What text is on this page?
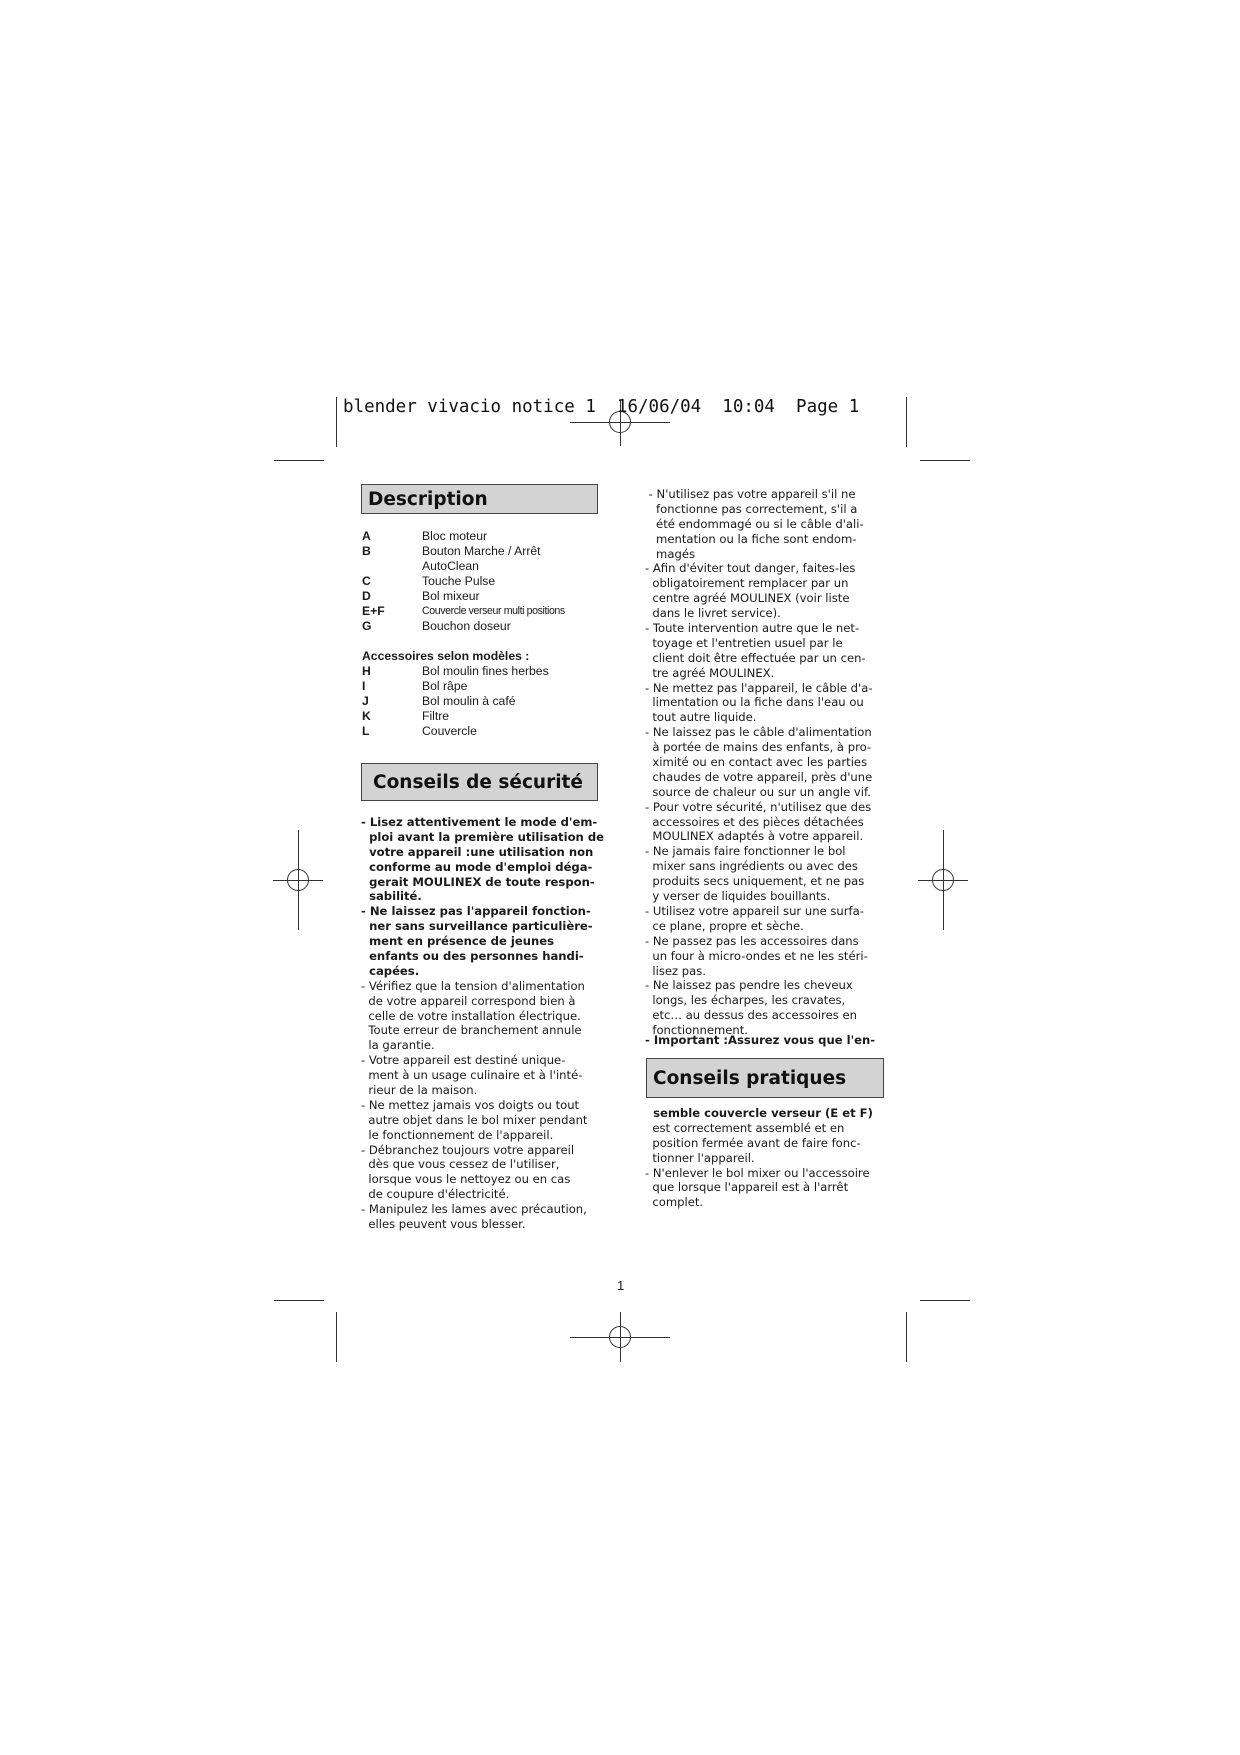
blender vivacio notice 1  16/06/04  10:04  Page 1
Description
A	Bloc moteur
B	Bouton Marche / Arrêt
AutoClean
C	Touche Pulse
D	Bol mixeur
E+F	Couvercle verseur multi positions
G	Bouchon doseur
Accessoires selon modèles :
H	Bol moulin fines herbes
I	Bol râpe
J	Bol moulin à café
K	Filtre
L	Couvercle
Conseils de sécurité
- Lisez attentivement le mode d'em-
ploi avant la première utilisation de
votre appareil :une utilisation non
conforme au mode d'emploi déga-
gerait MOULINEX de toute respon-
sabilité.
- Ne laissez pas l'appareil fonction-
ner sans surveillance particulière-
ment en présence de jeunes
enfants ou des personnes handi-
capées.
- Vérifiez que la tension d'alimentation
de votre appareil correspond bien à
celle de votre installation électrique.
Toute erreur de branchement annule
la garantie.
- Votre appareil est destiné unique-
ment à un usage culinaire et à l'inté-
rieur de la maison.
- Ne mettez jamais vos doigts ou tout
autre objet dans le bol mixer pendant
le fonctionnement de l'appareil.
- Débranchez toujours votre appareil
dès que vous cessez de l'utiliser,
lorsque vous le nettoyez ou en cas
de coupure d'électricité.
- Manipulez les lames avec précaution,
elles peuvent vous blesser.
- N'utilisez pas votre appareil s'il ne
fonctionne pas correctement, s'il a
été endommagé ou si le câble d'ali-
mentation ou la fiche sont endom-
magés
- Afin d'éviter tout danger, faites-les
obligatoirement remplacer par un
centre agréé MOULINEX (voir liste
dans le livret service).
- Toute intervention autre que le net-
toyage et l'entretien usuel par le
client doit être effectuée par un cen-
tre agréé MOULINEX.
- Ne mettez pas l'appareil, le câble d'a-
limentation ou la fiche dans l'eau ou
tout autre liquide.
- Ne laissez pas le câble d'alimentation
à portée de mains des enfants, à pro-
ximité ou en contact avec les parties
chaudes de votre appareil, près d'une
source de chaleur ou sur un angle vif.
- Pour votre sécurité, n'utilisez que des
accessoires et des pièces détachées
MOULINEX adaptés à votre appareil.
- Ne jamais faire fonctionner le bol
mixer sans ingrédients ou avec des
produits secs uniquement, et ne pas
y verser de liquides bouillants.
- Utilisez votre appareil sur une surfa-
ce plane, propre et sèche.
- Ne passez pas les accessoires dans
un four à micro-ondes et ne les stéri-
lisez pas.
- Ne laissez pas pendre les cheveux
longs, les écharpes, les cravates,
etc… au dessus des accessoires en
fonctionnement.
- Important :Assurez vous que l'en-
Conseils pratiques
semble couvercle verseur (E et F)
est correctement assemblé et en
position fermée avant de faire fonc-
tionner l'appareil.
- N'enlever le bol mixer ou l'accessoire
que lorsque l'appareil est à l'arrêt
complet.
1
